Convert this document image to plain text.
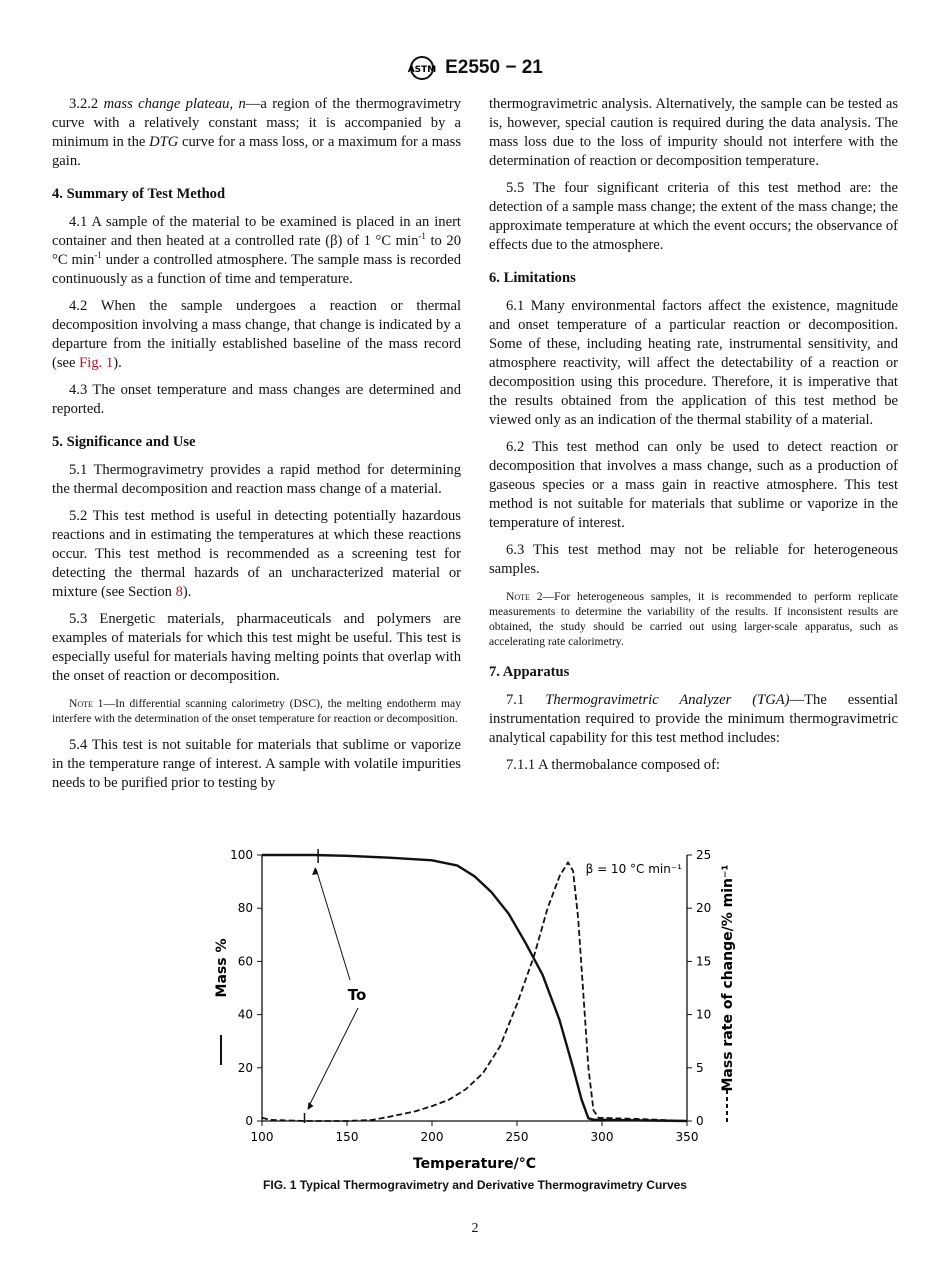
ASTM E2550 − 21

3.2.2 mass change plateau, n—a region of the thermogravimetry curve with a relatively constant mass; it is accompanied by a minimum in the DTG curve for a mass loss, or a maximum for a mass gain.

4. Summary of Test Method

4.1 A sample of the material to be examined is placed in an inert container and then heated at a controlled rate (β) of 1 °C $\min^{-1}$ to 20 °C $\min^{-1}$ under a controlled atmosphere. The sample mass is recorded continuously as a function of time and temperature.

4.2 When the sample undergoes a reaction or thermal decomposition involving a mass change, that change is indicated by a departure from the initially established baseline of the mass record (see Fig. 1).

4.3 The onset temperature and mass changes are determined and reported.

5. Significance and Use

5.1 Thermogravimetry provides a rapid method for determining the thermal decomposition and reaction mass change of a material.

5.2 This test method is useful in detecting potentially hazardous reactions and in estimating the temperatures at which these reactions occur. This test method is recommended as a screening test for detecting the thermal hazards of an uncharacterized material or mixture (see Section 8).

5.3 Energetic materials, pharmaceuticals and polymers are examples of materials for which this test might be useful. This test is especially useful for materials having melting points that overlap with the onset of reaction or decomposition.

Note 1—In differential scanning calorimetry (DSC), the melting endotherm may interfere with the determination of the onset temperature for reaction or decomposition.

5.4 This test is not suitable for materials that sublime or vaporize in the temperature range of interest. A sample with volatile impurities needs to be purified prior to testing by

thermogravimetric analysis. Alternatively, the sample can be tested as is, however, special caution is required during the data analysis. The mass loss due to the loss of impurity should not interfere with the determination of reaction or decomposition temperature.

5.5 The four significant criteria of this test method are: the detection of a sample mass change; the extent of the mass change; the approximate temperature at which the event occurs; the observance of effects due to the atmosphere.

6. Limitations

6.1 Many environmental factors affect the existence, magnitude and onset temperature of a particular reaction or decomposition. Some of these, including heating rate, instrumental sensitivity, and atmosphere reactivity, will affect the detectability of a reaction or decomposition using this procedure. Therefore, it is imperative that the results obtained from the application of this test method be viewed only as an indication of the thermal stability of a material.

6.2 This test method can only be used to detect reaction or decomposition that involves a mass change, such as a production of gaseous species or a mass gain in reactive atmosphere. This test method is not suitable for materials that sublime or vaporize in the temperature of interest.

6.3 This test method may not be reliable for heterogeneous samples.

Note 2—For heterogeneous samples, it is recommended to perform replicate measurements to determine the variability of the results. If inconsistent results are obtained, the study should be carried out using larger-scale apparatus, such as accelerating rate calorimetry.

7. Apparatus

7.1 Thermogravimetric Analyzer (TGA)—The essential instrumentation required to provide the minimum thermogravimetric analytical capability for this test method includes:

7.1.1 A thermobalance composed of:

100	150	200	250	300	350
0
20
40
60
80
100
0
5
10
15
20
25
Temperature/°C
Mass %	Mass rate of change/% min⁻¹
β = 10 °C min⁻¹
To
FIG. 1 Typical Thermogravimetry and Derivative Thermogravimetry Curves
2
